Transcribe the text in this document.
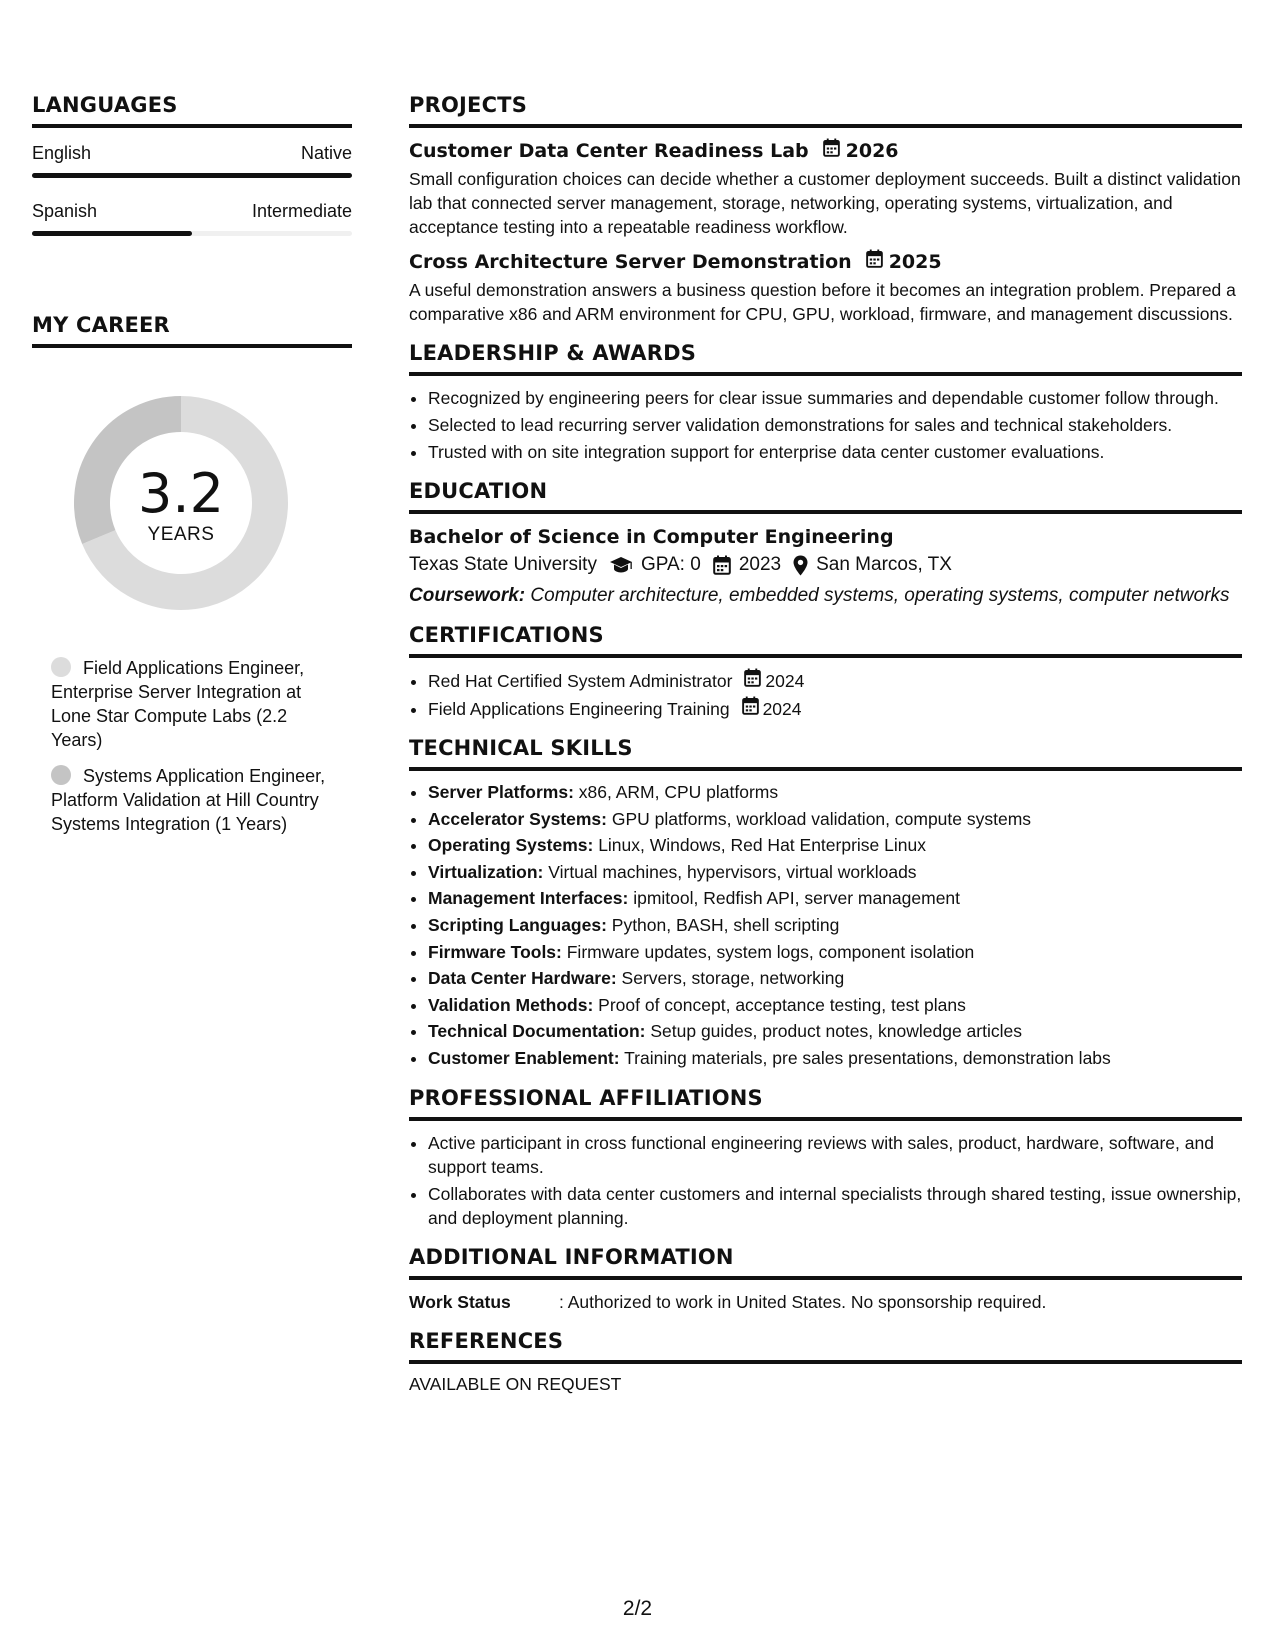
LANGUAGES
English	Native
Spanish	Intermediate
MY CAREER
3.2
YEARS
Field Applications Engineer, Enterprise Server Integration at Lone Star Compute Labs (2.2 Years)
Systems Application Engineer, Platform Validation at Hill Country Systems Integration (1 Years)
PROJECTS
Customer Data Center Readiness Lab 2026
Small configuration choices can decide whether a customer deployment succeeds. Built a distinct validation lab that connected server management, storage, networking, operating systems, virtualization, and acceptance testing into a repeatable readiness workflow.
Cross Architecture Server Demonstration 2025
A useful demonstration answers a business question before it becomes an integration problem. Prepared a comparative x86 and ARM environment for CPU, GPU, workload, firmware, and management discussions.
LEADERSHIP & AWARDS
• Recognized by engineering peers for clear issue summaries and dependable customer follow through.
• Selected to lead recurring server validation demonstrations for sales and technical stakeholders.
• Trusted with on site integration support for enterprise data center customer evaluations.
EDUCATION
Bachelor of Science in Computer Engineering
Texas State University GPA: 0 2023 San Marcos, TX
Coursework: Computer architecture, embedded systems, operating systems, computer networks
CERTIFICATIONS
• Red Hat Certified System Administrator 2024
• Field Applications Engineering Training 2024
TECHNICAL SKILLS
• Server Platforms: x86, ARM, CPU platforms
• Accelerator Systems: GPU platforms, workload validation, compute systems
• Operating Systems: Linux, Windows, Red Hat Enterprise Linux
• Virtualization: Virtual machines, hypervisors, virtual workloads
• Management Interfaces: ipmitool, Redfish API, server management
• Scripting Languages: Python, BASH, shell scripting
• Firmware Tools: Firmware updates, system logs, component isolation
• Data Center Hardware: Servers, storage, networking
• Validation Methods: Proof of concept, acceptance testing, test plans
• Technical Documentation: Setup guides, product notes, knowledge articles
• Customer Enablement: Training materials, pre sales presentations, demonstration labs
PROFESSIONAL AFFILIATIONS
• Active participant in cross functional engineering reviews with sales, product, hardware, software, and support teams.
• Collaborates with data center customers and internal specialists through shared testing, issue ownership, and deployment planning.
ADDITIONAL INFORMATION
Work Status	: Authorized to work in United States. No sponsorship required.
REFERENCES
AVAILABLE ON REQUEST
2/2
